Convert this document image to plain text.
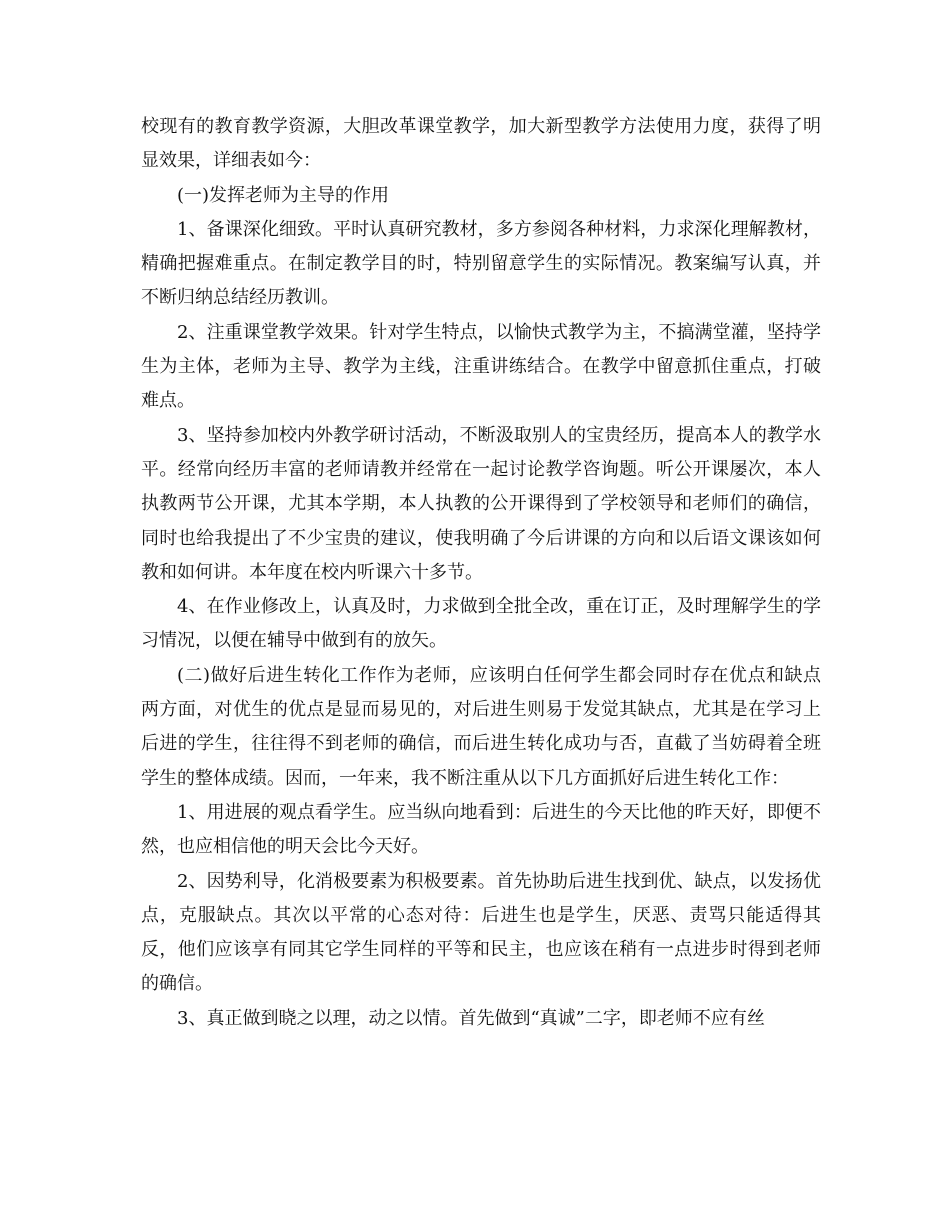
校现有的教育教学资源，大胆改革课堂教学，加大新型教学方法使用力度，获得了明显效果，详细表如今：

(一)发挥老师为主导的作用

1、备课深化细致。平时认真研究教材，多方参阅各种材料，力求深化理解教材，精确把握难重点。在制定教学目的时，特别留意学生的实际情况。教案编写认真，并不断归纳总结经历教训。

2、注重课堂教学效果。针对学生特点，以愉快式教学为主，不搞满堂灌，坚持学生为主体，老师为主导、教学为主线，注重讲练结合。在教学中留意抓住重点，打破难点。

3、坚持参加校内外教学研讨活动，不断汲取别人的宝贵经历，提高本人的教学水平。经常向经历丰富的老师请教并经常在一起讨论教学咨询题。听公开课屡次，本人执教两节公开课，尤其本学期，本人执教的公开课得到了学校领导和老师们的确信，同时也给我提出了不少宝贵的建议，使我明确了今后讲课的方向和以后语文课该如何教和如何讲。本年度在校内听课六十多节。

4、在作业修改上，认真及时，力求做到全批全改，重在订正，及时理解学生的学习情况，以便在辅导中做到有的放矢。

(二)做好后进生转化工作作为老师，应该明白任何学生都会同时存在优点和缺点两方面，对优生的优点是显而易见的，对后进生则易于发觉其缺点，尤其是在学习上后进的学生，往往得不到老师的确信，而后进生转化成功与否，直截了当妨碍着全班学生的整体成绩。因而，一年来，我不断注重从以下几方面抓好后进生转化工作：

1、用进展的观点看学生。应当纵向地看到：后进生的今天比他的昨天好，即便不然，也应相信他的明天会比今天好。

2、因势利导，化消极要素为积极要素。首先协助后进生找到优、缺点，以发扬优点，克服缺点。其次以平常的心态对待：后进生也是学生，厌恶、责骂只能适得其反，他们应该享有同其它学生同样的平等和民主，也应该在稍有一点进步时得到老师的确信。

3、真正做到晓之以理，动之以情。首先做到“真诚”二字，即老师不应有丝
